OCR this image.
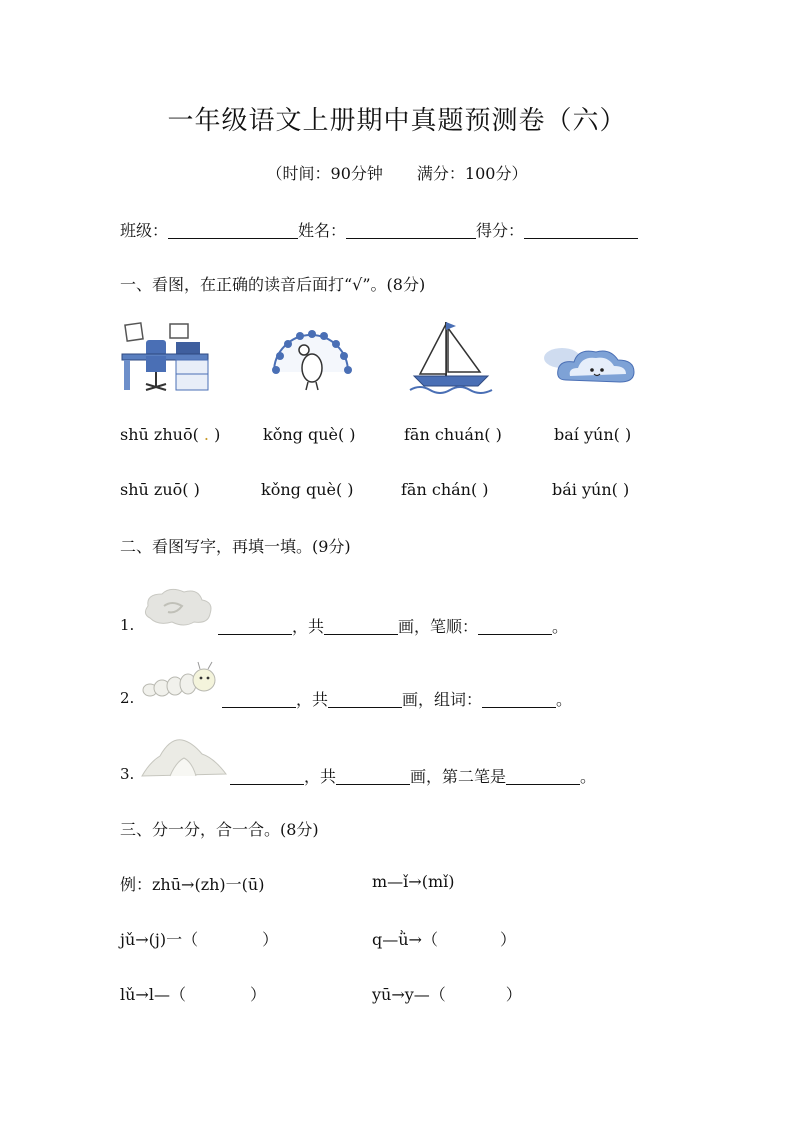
一年级语文上册期中真题预测卷（六）
（时间：90分钟 满分：100分）
班级：	姓名：	得分：
一、看图，在正确的读音后面打“√”。(8分)
shū zhuō( . )	kǒng què( )	fān chuán( )	baí yún( )
shū zuō( )	kǒng què( )	fān chán( )	bái yún( )
二、看图写字，再填一填。(9分)
1.	，共	画，笔顺：	。
2.	，共	画，组词：	。
3.	，共	画，第二笔是	。
三、分一分，合一合。(8分)
例：zhū→(zh)一(ū)	m—ǐ→(mǐ)
jǔ→(j)一（	）	q—ǜ→（	）
lǔ→l—（	）	yū→y—（	）
